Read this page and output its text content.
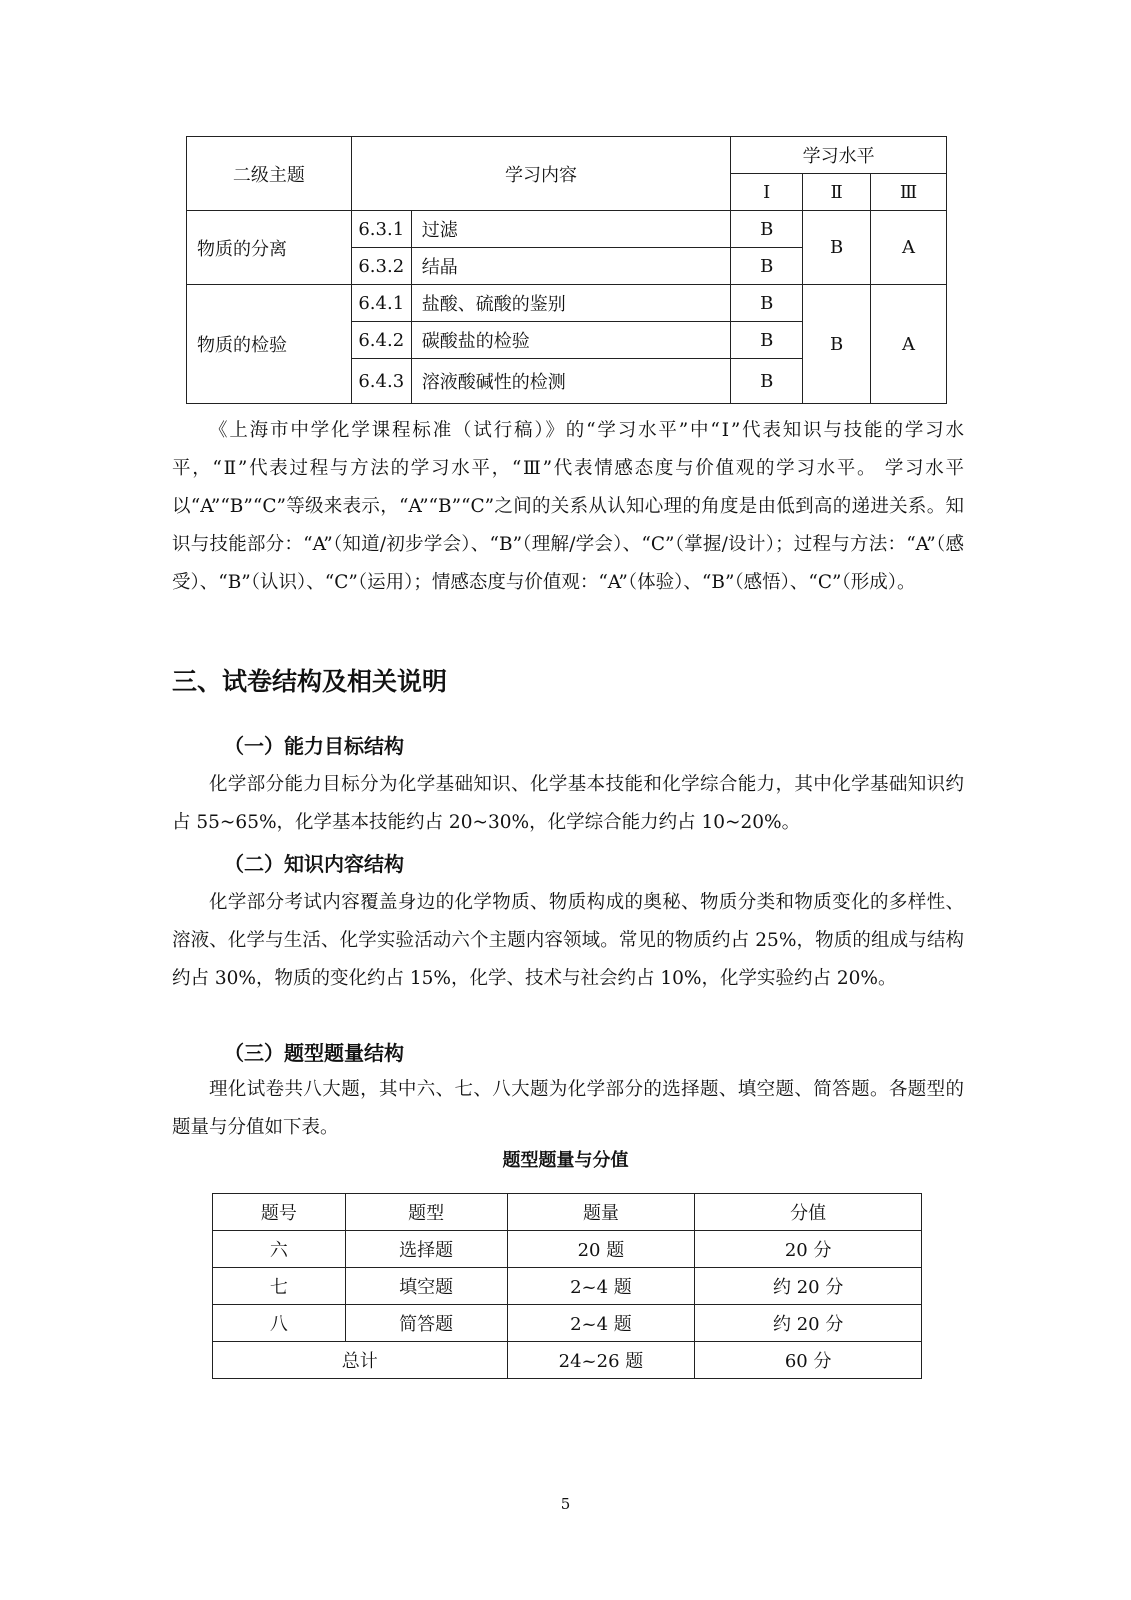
二级主题	学习内容		学习水平		
			Ⅰ	Ⅱ	Ⅲ
物质的分离	6.3.1	过滤	B	B	A
	6.3.2	结晶	B		
物质的检验	6.4.1	盐酸、硫酸的鉴别	B	B	A
	6.4.2	碳酸盐的检验	B		
	6.4.3	溶液酸碱性的检测	B		

《上海市中学化学课程标准（试行稿）》的“学习水平”中“Ⅰ”代表知识与技能的学习水平，“Ⅱ”代表过程与方法的学习水平，“Ⅲ”代表情感态度与价值观的学习水平。 学习水平以“A”“B”“C”等级来表示，“A”“B”“C”之间的关系从认知心理的角度是由低到高的递进关系。知识与技能部分：“A”（知道/初步学会）、“B”（理解/学会）、“C”（掌握/设计）；过程与方法：“A”（感受）、“B”（认识）、“C”（运用）；情感态度与价值观：“A”（体验）、“B”（感悟）、“C”（形成）。

三、试卷结构及相关说明
（一）能力目标结构

化学部分能力目标分为化学基础知识、化学基本技能和化学综合能力，其中化学基础知识约占 55~65%，化学基本技能约占 20~30%，化学综合能力约占 10~20%。

（二）知识内容结构

化学部分考试内容覆盖身边的化学物质、物质构成的奥秘、物质分类和物质变化的多样性、溶液、化学与生活、化学实验活动六个主题内容领域。常见的物质约占 25%，物质的组成与结构约占 30%，物质的变化约占 15%，化学、技术与社会约占 10%，化学实验约占 20%。

（三）题型题量结构

理化试卷共八大题，其中六、七、八大题为化学部分的选择题、填空题、简答题。各题型的题量与分值如下表。

题型题量与分值

题号	题型	题量	分值
六	选择题	20 题	20 分
七	填空题	2~4 题	约 20 分
八	简答题	2~4 题	约 20 分
总计		24~26 题	60 分
5
